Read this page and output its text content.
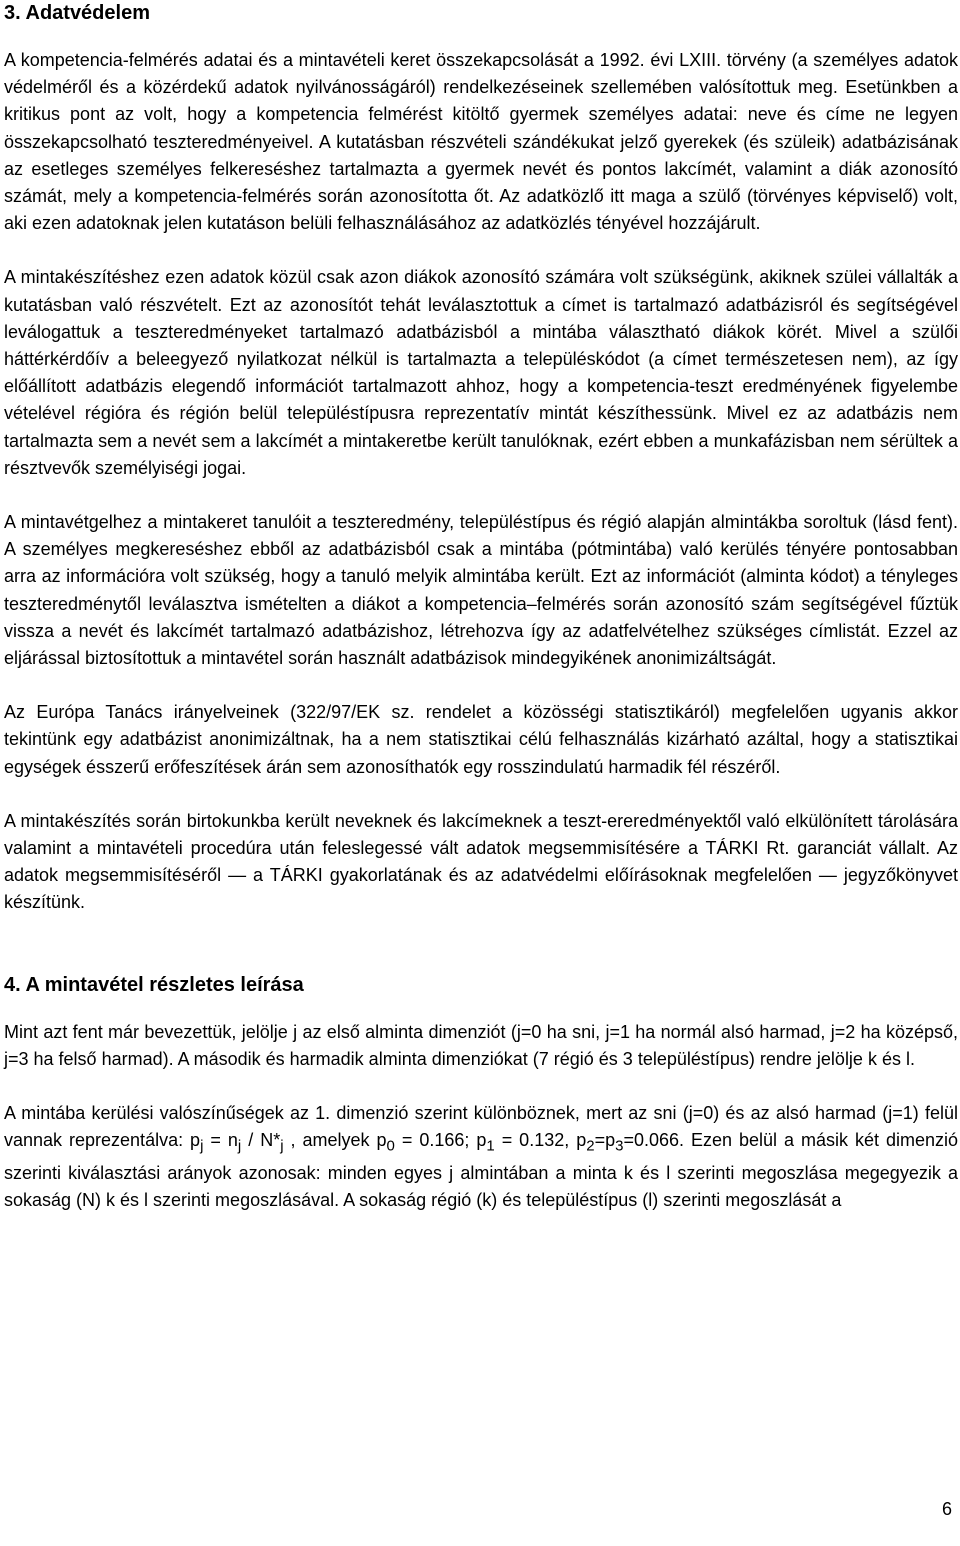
3. Adatvédelem

A kompetencia-felmérés adatai és a mintavételi keret összekapcsolását a 1992. évi LXIII. törvény (a személyes adatok védelméről és a közérdekű adatok nyilvánosságáról) rendelkezéseinek szellemében valósítottuk meg. Esetünkben a kritikus pont az volt, hogy a kompetencia felmérést kitöltő gyermek személyes adatai: neve és címe ne legyen összekapcsolható teszteredményeivel. A kutatásban részvételi szándékukat jelző gyerekek (és szüleik) adatbázisának az esetleges személyes felkereséshez tartalmazta a gyermek nevét és pontos lakcímét, valamint a diák azonosító számát, mely a kompetencia-felmérés során azonosította őt. Az adatközlő itt maga a szülő (törvényes képviselő) volt, aki ezen adatoknak jelen kutatáson belüli felhasználásához az adatközlés tényével hozzájárult.

A mintakészítéshez ezen adatok közül csak azon diákok azonosító számára volt szükségünk, akiknek szülei vállalták a kutatásban való részvételt. Ezt az azonosítót tehát leválasztottuk a címet is tartalmazó adatbázisról és segítségével leválogattuk a teszteredményeket tartalmazó adatbázisból a mintába választható diákok körét. Mivel a szülői háttérkérdőív a beleegyező nyilatkozat nélkül is tartalmazta a településkódot (a címet természetesen nem), az így előállított adatbázis elegendő információt tartalmazott ahhoz, hogy a kompetencia-teszt eredményének figyelembe vételével régióra és régión belül településtípusra reprezentatív mintát készíthessünk. Mivel ez az adatbázis nem tartalmazta sem a nevét sem a lakcímét a mintakeretbe került tanulóknak, ezért ebben a munkafázisban nem sérültek a résztvevők személyiségi jogai.

A mintavétgelhez a mintakeret tanulóit a teszteredmény, településtípus és régió alapján almintákba soroltuk (lásd fent). A személyes megkereséshez ebből az adatbázisból csak a mintába (pótmintába) való kerülés tényére pontosabban arra az információra volt szükség, hogy a tanuló melyik almintába került. Ezt az információt (alminta kódot) a tényleges teszteredménytől leválasztva ismételten a diákot a kompetencia–felmérés során azonosító szám segítségével fűztük vissza a nevét és lakcímét tartalmazó adatbázishoz, létrehozva így az adatfelvételhez szükséges címlistát. Ezzel az eljárással biztosítottuk a mintavétel során használt adatbázisok mindegyikének anonimizáltságát.

Az Európa Tanács irányelveinek (322/97/EK sz. rendelet a közösségi statisztikáról) megfelelően ugyanis akkor tekintünk egy adatbázist anonimizáltnak, ha a nem statisztikai célú felhasználás kizárható azáltal, hogy a statisztikai egységek ésszerű erőfeszítések árán sem azonosíthatók egy rosszindulatú harmadik fél részéről.

A mintakészítés során birtokunkba került neveknek és lakcímeknek a teszt-ereredményektől való elkülönített tárolására valamint a mintavételi procedúra után feleslegessé vált adatok megsemmisítésére a TÁRKI Rt. garanciát vállalt. Az adatok megsemmisítéséről — a TÁRKI gyakorlatának és az adatvédelmi előírásoknak megfelelően — jegyzőkönyvet készítünk.

4. A mintavétel részletes leírása

Mint azt fent már bevezettük, jelölje j az első alminta dimenziót (j=0 ha sni, j=1 ha normál alsó harmad, j=2 ha középső, j=3 ha felső harmad). A második és harmadik alminta dimenziókat (7 régió és 3 településtípus) rendre jelölje k és l.

A mintába kerülési valószínűségek az 1. dimenzió szerint különböznek, mert az sni (j=0) és az alsó harmad (j=1) felül vannak reprezentálva: $p_j = n_j / N*_j$ , amelyek $p_0 = 0.166$; $p_1 = 0.132$, $p_2=p_3=0.066$. Ezen belül a másik két dimenzió szerinti kiválasztási arányok azonosak: minden egyes j almintában a minta k és l szerinti megoszlása megegyezik a sokaság (N) k és l szerinti megoszlásával. A sokaság régió (k) és településtípus (l) szerinti megoszlását a

6
